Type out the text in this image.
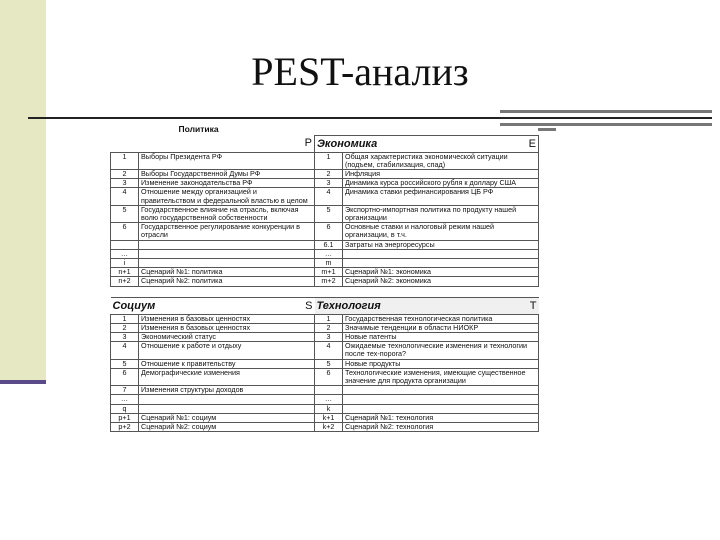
PEST-анализ
	Политика		
	P	Экономика E	

1	Выборы Президента РФ	1	Общая характеристика экономической ситуации (подъем, стабилизация, спад)
2	Выборы Государственной Думы РФ	2	Инфляция
3	Изменение законодательства РФ	3	Динамика курса российского рубля к доллару США
4	Отношение между организацией и правительством и федеральной властью в целом	4	Динамика ставки рефинансирования ЦБ РФ
5	Государственное влияние на отрасль, включая волю государственной собственности	5	Экспортно-импортная политика по продукту нашей организации
6	Государственное регулирование конкуренции в отрасли	6	Основные ставки и налоговый режим нашей организации, в т.ч.
		6.1	Затраты на энергоресурсы
…		…	
i		m	
n+1	Сценарий №1: политика	m+1	Сценарий №1: экономика
n+2	Сценарий №2: политика	m+2	Сценарий №2: экономика

Социум S		Технология T	

1	Изменения в базовых ценностях	1	Государственная технологическая политика
2	Изменения в базовых ценностях	2	Значимые тенденции в области НИОКР
3	Экономический статус	3	Новые патенты
4	Отношение к работе и отдыху	4	Ожидаемые технологические изменения и технологии после тех-порога?
5	Отношение к правительству	5	Новые продукты
6	Демографические изменения	6	Технологические изменения, имеющие существенное значение для продукта организации
7	Изменения структуры доходов		
…		…	
q		k	
p+1	Сценарий №1: социум	k+1	Сценарий №1: технология
p+2	Сценарий №2: социум	k+2	Сценарий №2: технология
